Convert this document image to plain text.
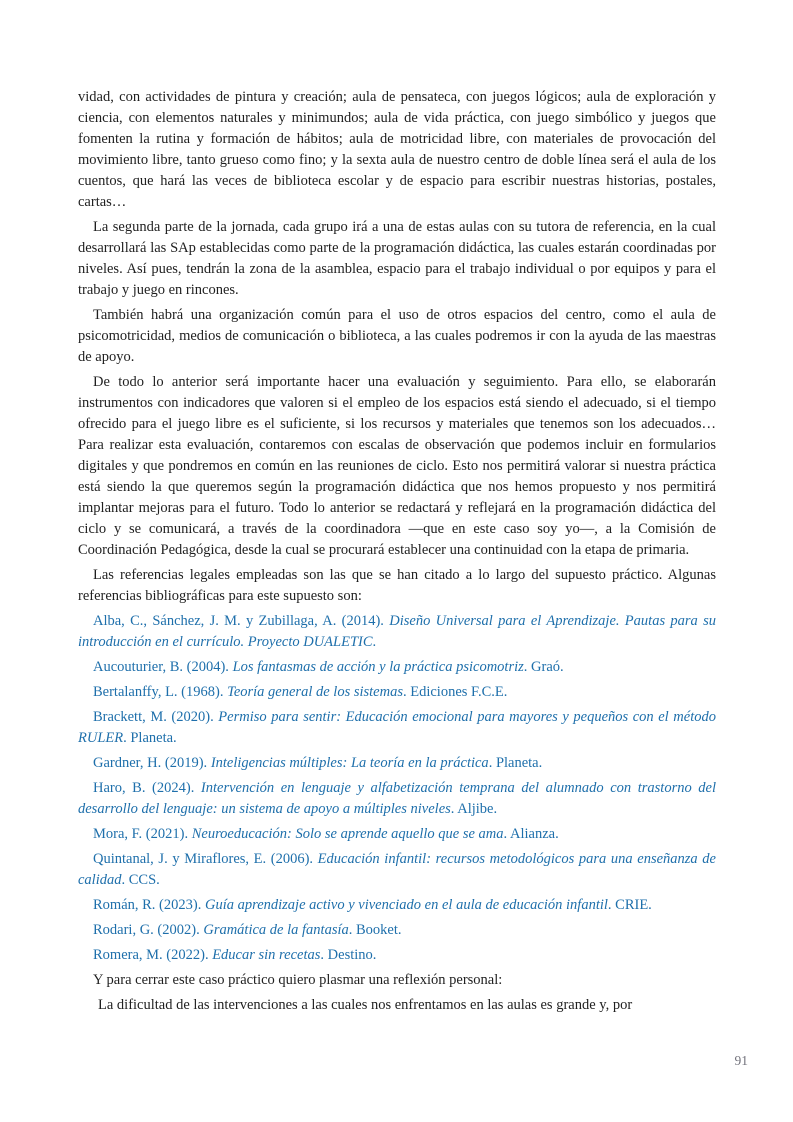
vidad, con actividades de pintura y creación; aula de pensateca, con juegos lógicos; aula de exploración y ciencia, con elementos naturales y minimundos; aula de vida práctica, con juego simbólico y juegos que fomenten la rutina y formación de hábitos; aula de motricidad libre, con materiales de provocación del movimiento libre, tanto grueso como fino; y la sexta aula de nuestro centro de doble línea será el aula de los cuentos, que hará las veces de biblioteca escolar y de espacio para escribir nuestras historias, postales, cartas…

La segunda parte de la jornada, cada grupo irá a una de estas aulas con su tutora de referencia, en la cual desarrollará las SAp establecidas como parte de la programación didáctica, las cuales estarán coordinadas por niveles. Así pues, tendrán la zona de la asamblea, espacio para el trabajo individual o por equipos y para el trabajo y juego en rincones.

También habrá una organización común para el uso de otros espacios del centro, como el aula de psicomotricidad, medios de comunicación o biblioteca, a las cuales podremos ir con la ayuda de las maestras de apoyo.

De todo lo anterior será importante hacer una evaluación y seguimiento. Para ello, se elaborarán instrumentos con indicadores que valoren si el empleo de los espacios está siendo el adecuado, si el tiempo ofrecido para el juego libre es el suficiente, si los recursos y materiales que tenemos son los adecuados… Para realizar esta evaluación, contaremos con escalas de observación que podemos incluir en formularios digitales y que pondremos en común en las reuniones de ciclo. Esto nos permitirá valorar si nuestra práctica está siendo la que queremos según la programación didáctica que nos hemos propuesto y nos permitirá implantar mejoras para el futuro. Todo lo anterior se redactará y reflejará en la programación didáctica del ciclo y se comunicará, a través de la coordinadora —que en este caso soy yo—, a la Comisión de Coordinación Pedagógica, desde la cual se procurará establecer una continuidad con la etapa de primaria.

Las referencias legales empleadas son las que se han citado a lo largo del supuesto práctico. Algunas referencias bibliográficas para este supuesto son:

Alba, C., Sánchez, J. M. y Zubillaga, A. (2014). Diseño Universal para el Aprendizaje. Pautas para su introducción en el currículo. Proyecto DUALETIC.

Aucouturier, B. (2004). Los fantasmas de acción y la práctica psicomotriz. Graó.

Bertalanffy, L. (1968). Teoría general de los sistemas. Ediciones F.C.E.

Brackett, M. (2020). Permiso para sentir: Educación emocional para mayores y pequeños con el método RULER. Planeta.

Gardner, H. (2019). Inteligencias múltiples: La teoría en la práctica. Planeta.

Haro, B. (2024). Intervención en lenguaje y alfabetización temprana del alumnado con trastorno del desarrollo del lenguaje: un sistema de apoyo a múltiples niveles. Aljibe.

Mora, F. (2021). Neuroeducación: Solo se aprende aquello que se ama. Alianza.

Quintanal, J. y Miraflores, E. (2006). Educación infantil: recursos metodológicos para una enseñanza de calidad. CCS.

Román, R. (2023). Guía aprendizaje activo y vivenciado en el aula de educación infantil. CRIE.

Rodari, G. (2002). Gramática de la fantasía. Booket.

Romera, M. (2022). Educar sin recetas. Destino.

Y para cerrar este caso práctico quiero plasmar una reflexión personal:

La dificultad de las intervenciones a las cuales nos enfrentamos en las aulas es grande y, por

91
